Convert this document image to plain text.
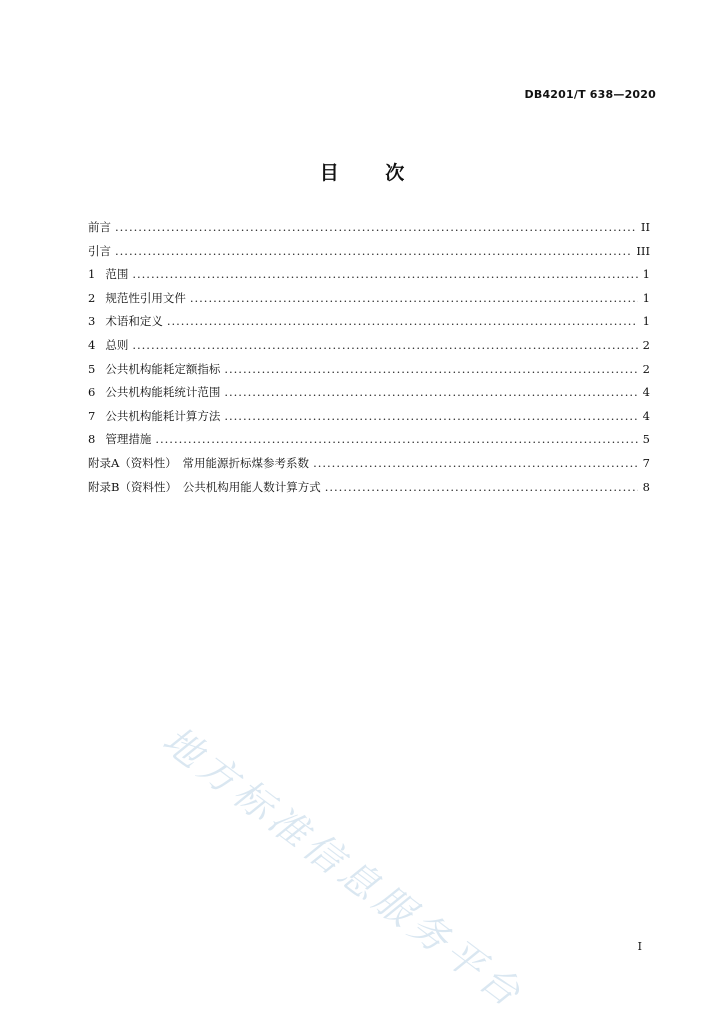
DB4201/T 638—2020
目 次
前言 .....	II
引言 .....	III
1 范围 .....	1
2 规范性引用文件 .....	1
3 术语和定义 .....	1
4 总则 .....	2
5 公共机构能耗定额指标 .....	2
6 公共机构能耗统计范围 .....	4
7 公共机构能耗计算方法 .....	4
8 管理措施 .....	5
附录A（资料性）　常用能源折标煤参考系数 .....	7
附录B（资料性）　公共机构用能人数计算方式 .....	8
地方标准信息服务平台	I
